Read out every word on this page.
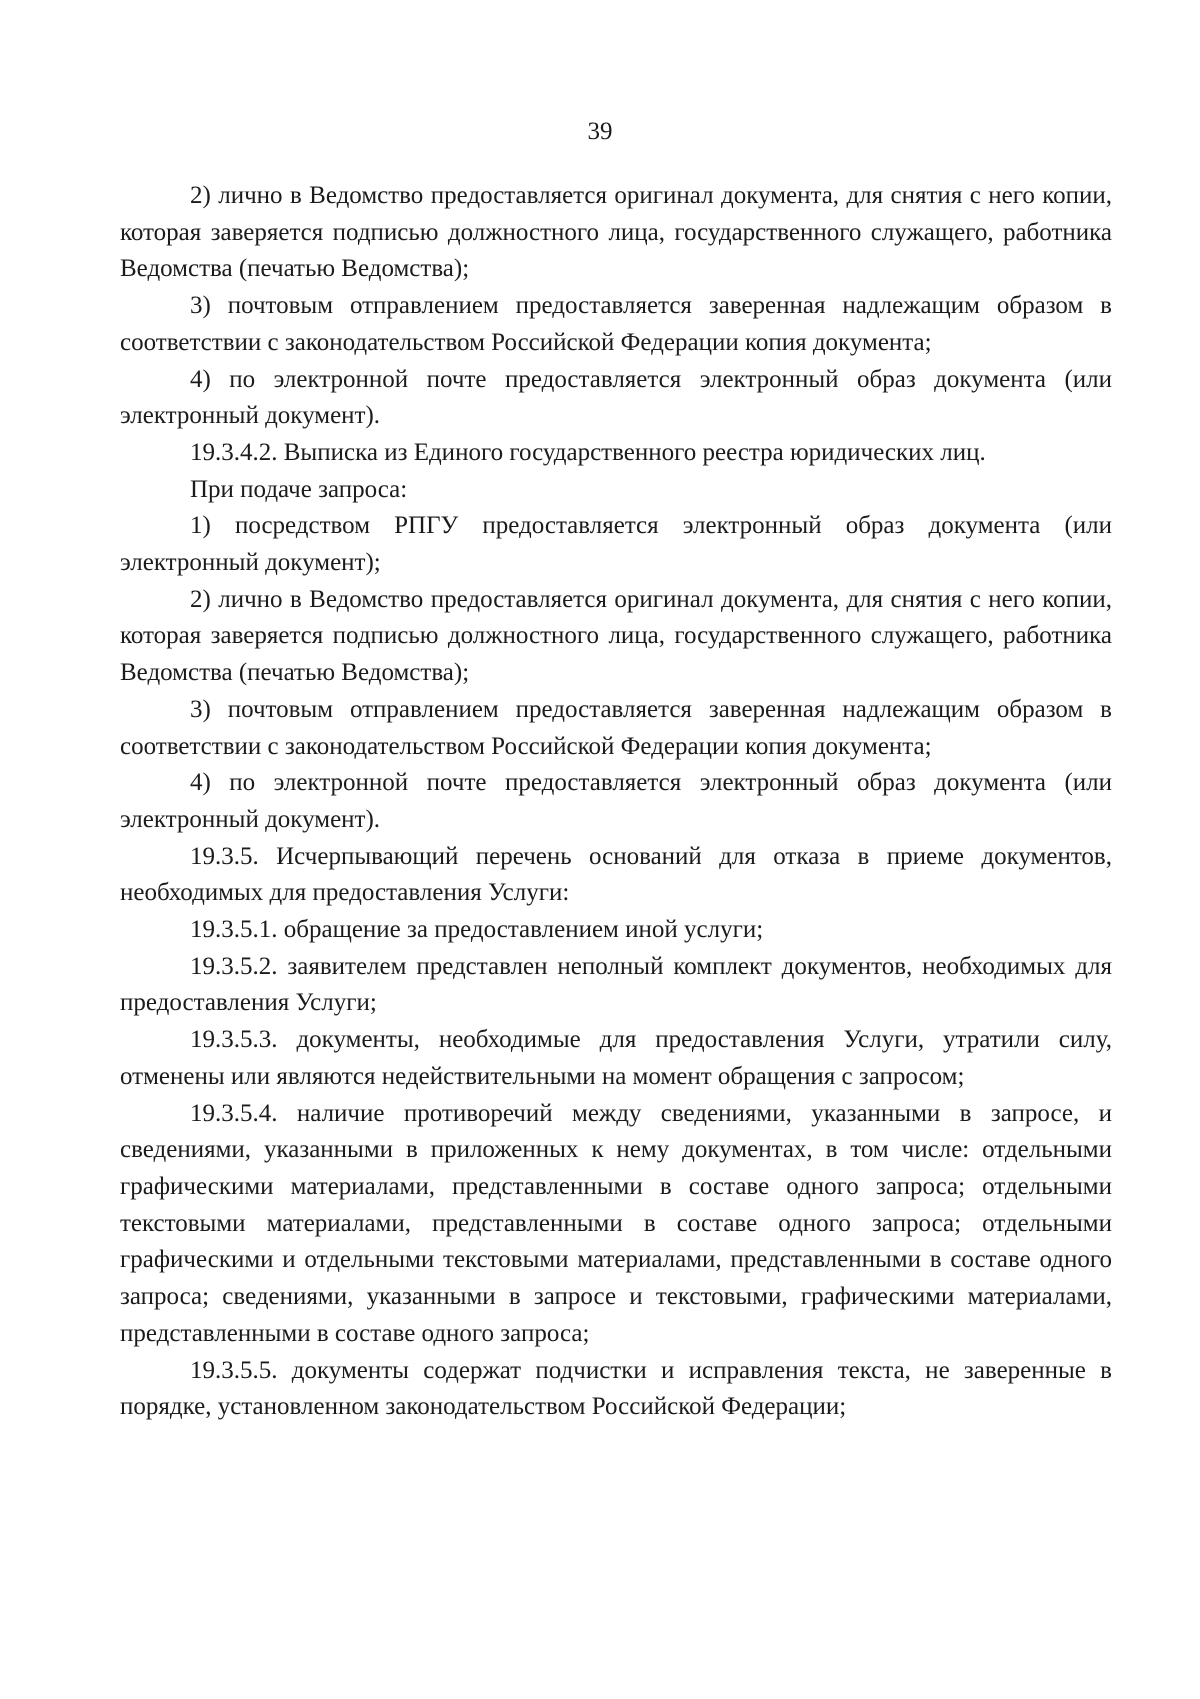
39

2) лично в Ведомство предоставляется оригинал документа, для снятия с него копии, которая заверяется подписью должностного лица, государственного служащего, работника Ведомства (печатью Ведомства);

3) почтовым отправлением предоставляется заверенная надлежащим образом в соответствии с законодательством Российской Федерации копия документа;

4) по электронной почте предоставляется электронный образ документа (или электронный документ).

19.3.4.2. Выписка из Единого государственного реестра юридических лиц.

При подаче запроса:

1) посредством РПГУ предоставляется электронный образ документа (или электронный документ);

2) лично в Ведомство предоставляется оригинал документа, для снятия с него копии, которая заверяется подписью должностного лица, государственного служащего, работника Ведомства (печатью Ведомства);

3) почтовым отправлением предоставляется заверенная надлежащим образом в соответствии с законодательством Российской Федерации копия документа;

4) по электронной почте предоставляется электронный образ документа (или электронный документ).

19.3.5. Исчерпывающий перечень оснований для отказа в приеме документов, необходимых для предоставления Услуги:

19.3.5.1. обращение за предоставлением иной услуги;

19.3.5.2. заявителем представлен неполный комплект документов, необходимых для предоставления Услуги;

19.3.5.3. документы, необходимые для предоставления Услуги, утратили силу, отменены или являются недействительными на момент обращения с запросом;

19.3.5.4. наличие противоречий между сведениями, указанными в запросе, и сведениями, указанными в приложенных к нему документах, в том числе: отдельными графическими материалами, представленными в составе одного запроса; отдельными текстовыми материалами, представленными в составе одного запроса; отдельными графическими и отдельными текстовыми материалами, представленными в составе одного запроса; сведениями, указанными в запросе и текстовыми, графическими материалами, представленными в составе одного запроса;

19.3.5.5. документы содержат подчистки и исправления текста, не заверенные в порядке, установленном законодательством Российской Федерации;
